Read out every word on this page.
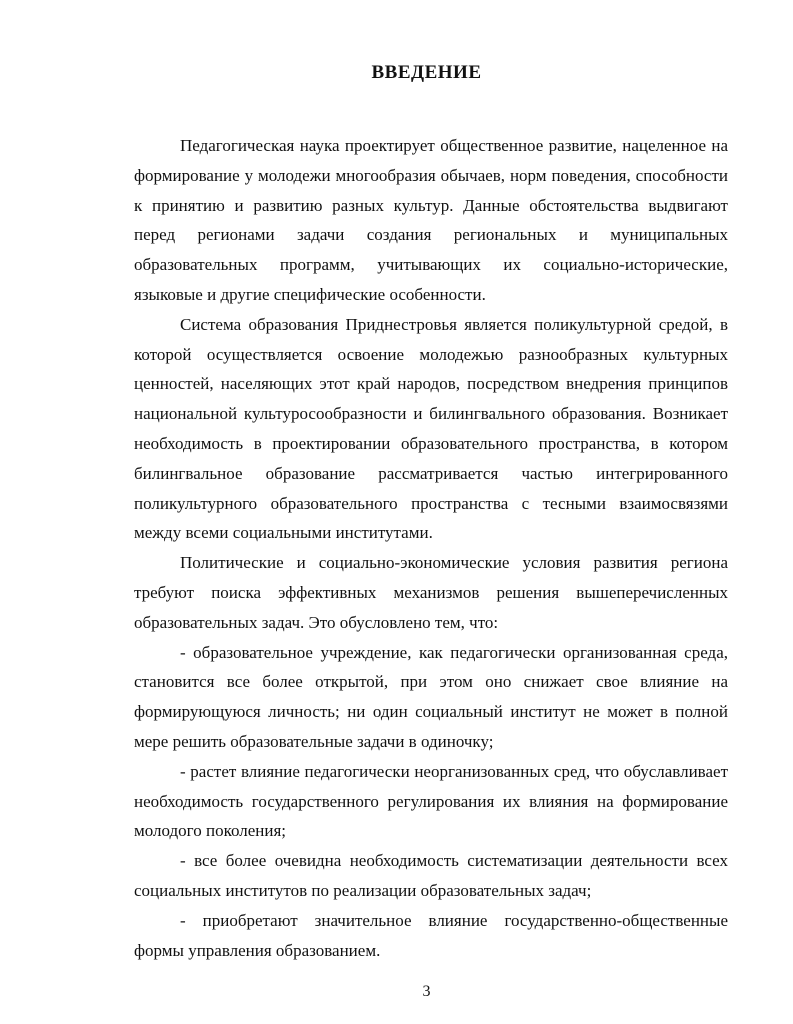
ВВЕДЕНИЕ

Педагогическая наука проектирует общественное развитие, нацеленное на формирование у молодежи многообразия обычаев, норм поведения, способности к принятию и развитию разных культур. Данные обстоятельства выдвигают перед регионами задачи создания региональных и муниципальных образовательных программ, учитывающих их социально-исторические, языковые и другие специфические особенности.

Система образования Приднестровья является поликультурной средой, в которой осуществляется освоение молодежью разнообразных культурных ценностей, населяющих этот край народов, посредством внедрения принципов национальной культуросообразности и билингвального образования. Возникает необходимость в проектировании образовательного пространства, в котором билингвальное образование рассматривается частью интегрированного поликультурного образовательного пространства с тесными взаимосвязями между всеми социальными институтами.

Политические и социально-экономические условия развития региона требуют поиска эффективных механизмов решения вышеперечисленных образовательных задач. Это обусловлено тем, что:

- образовательное учреждение, как педагогически организованная среда, становится все более открытой, при этом оно снижает свое влияние на формирующуюся личность; ни один социальный институт не может в полной мере решить образовательные задачи в одиночку;

- растет влияние педагогически неорганизованных сред, что обуславливает необходимость государственного регулирования их влияния на формирование молодого поколения;

- все более очевидна необходимость систематизации деятельности всех социальных институтов по реализации образовательных задач;

- приобретают значительное влияние государственно-общественные формы управления образованием.

3
